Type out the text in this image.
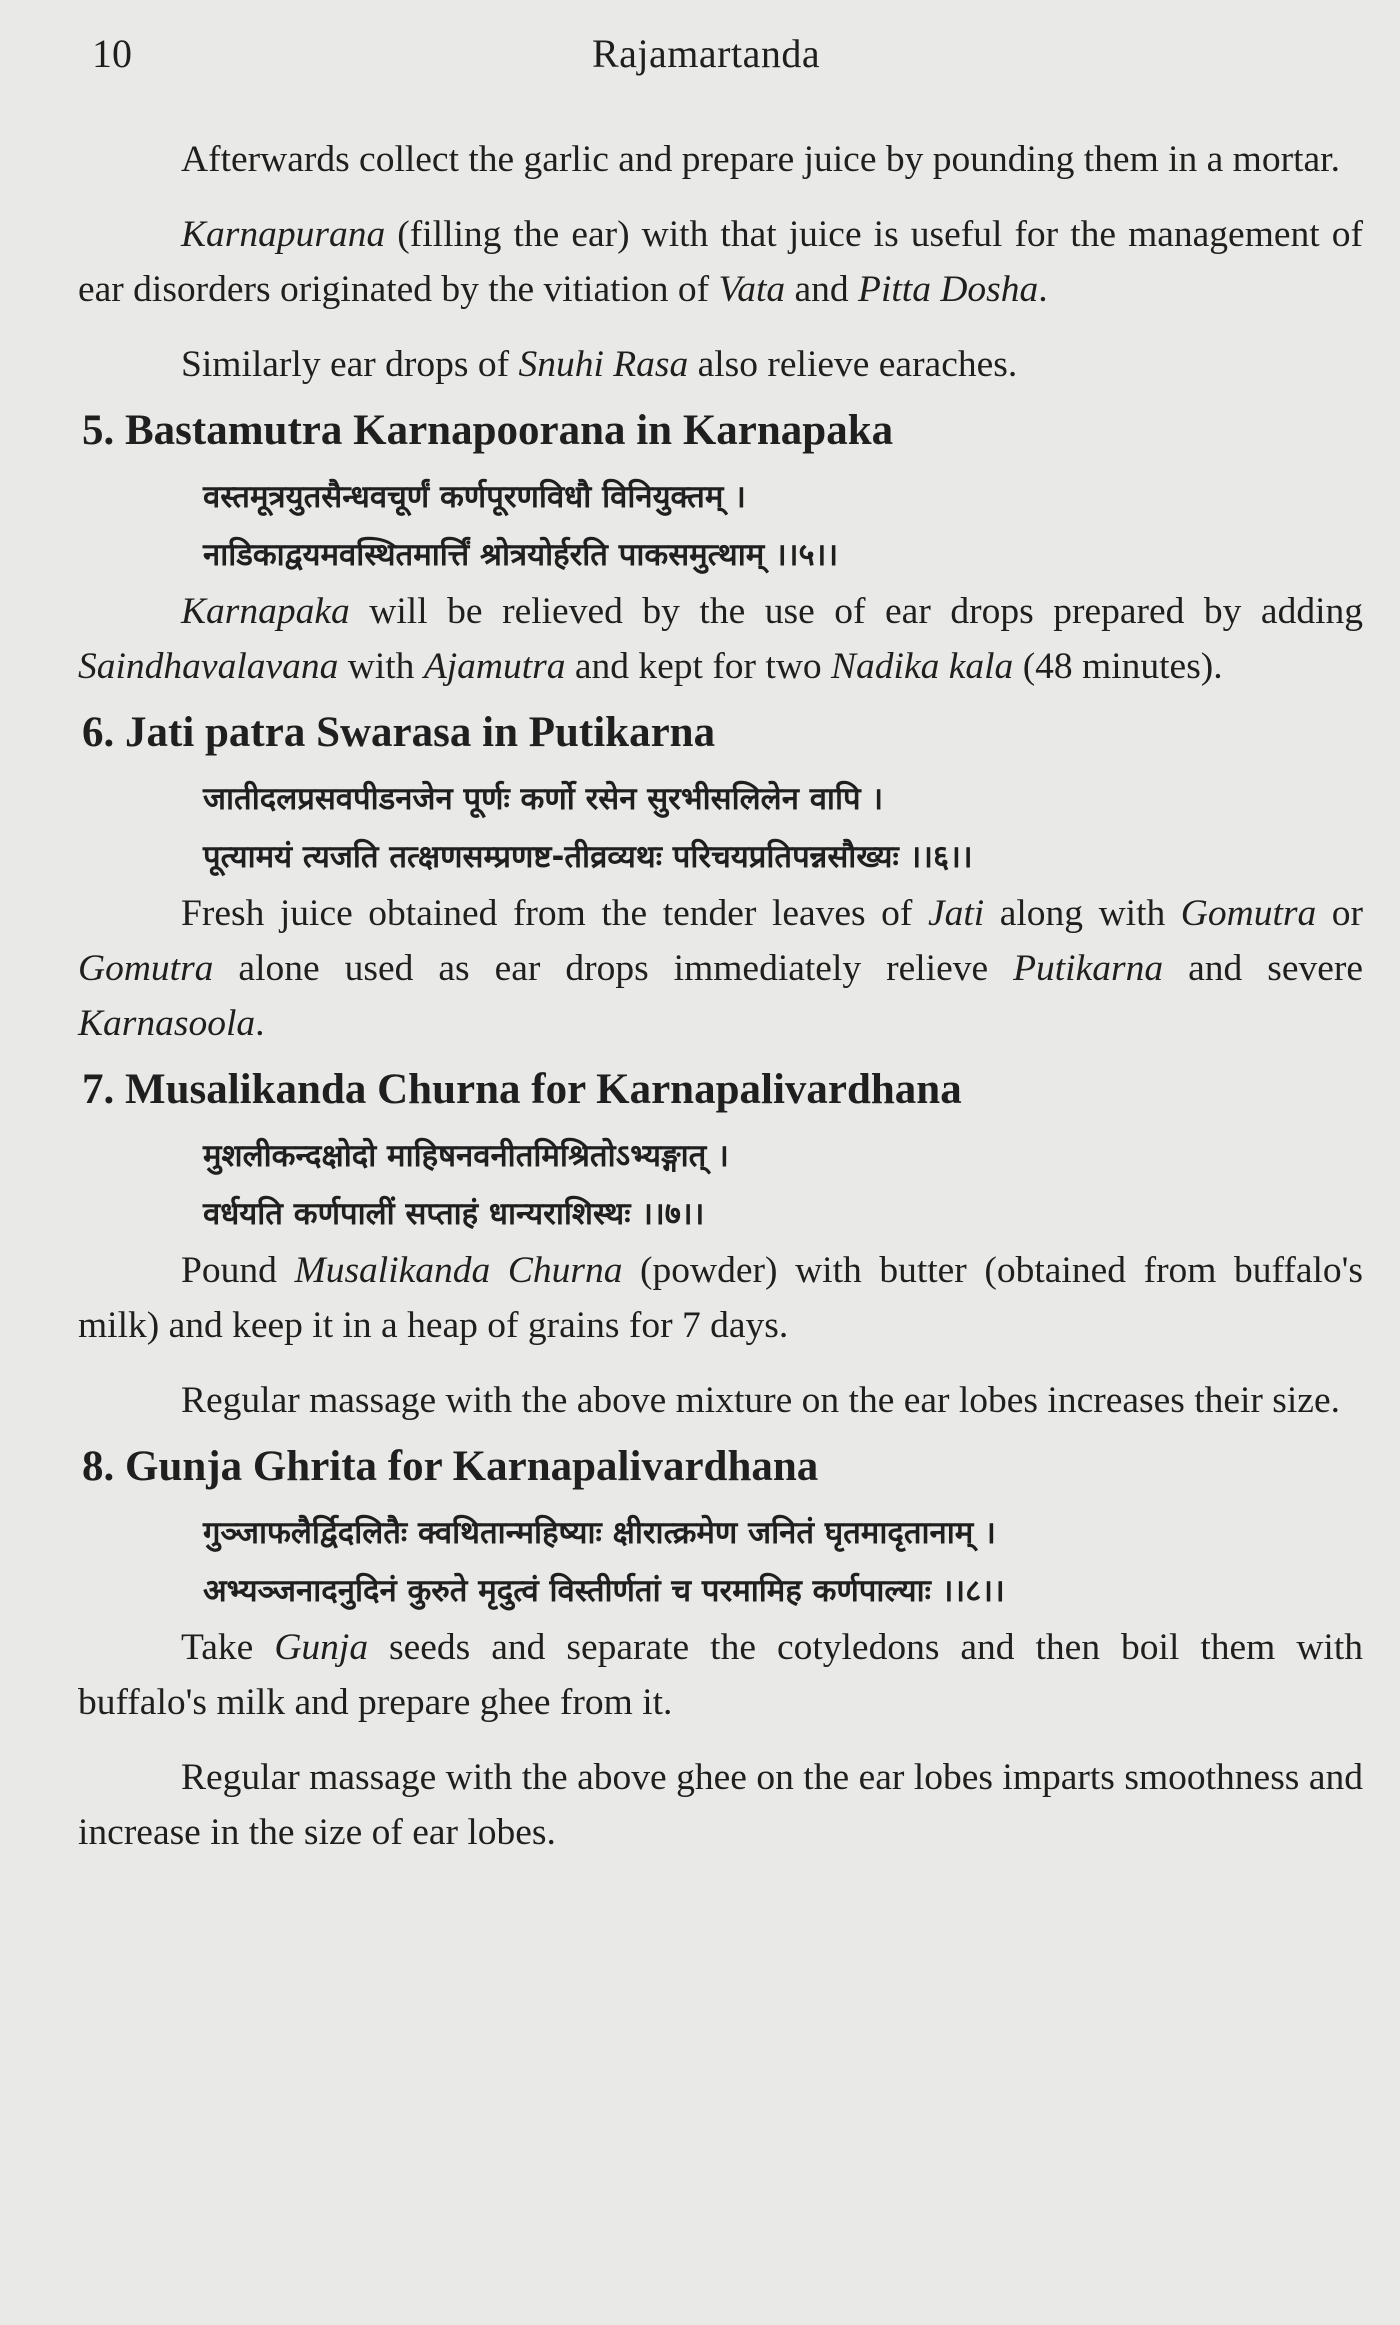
10	Rajamartanda

Afterwards collect the garlic and prepare juice by pounding them in a mortar.

Karnapurana (filling the ear) with that juice is useful for the management of ear disorders originated by the vitiation of Vata and Pitta Dosha.

Similarly ear drops of Snuhi Rasa also relieve earaches.

5. Bastamutra Karnapoorana in Karnapaka
वस्तमूत्रयुतसैन्धवचूर्णं कर्णपूरणविधौ विनियुक्तम् ।
नाडिकाद्वयमवस्थितमार्त्तिं श्रोत्रयोर्हरति पाकसमुत्थाम् ।।५।।

Karnapaka will be relieved by the use of ear drops prepared by adding Saindhavalavana with Ajamutra and kept for two Nadika kala (48 minutes).

6. Jati patra Swarasa in Putikarna
जातीदलप्रसवपीडनजेन पूर्णः कर्णो रसेन सुरभीसलिलेन वापि ।
पूत्यामयं त्यजति तत्क्षणसम्प्रणष्ट-तीव्रव्यथः परिचयप्रतिपन्नसौख्यः ।।६।।

Fresh juice obtained from the tender leaves of Jati along with Gomutra or Gomutra alone used as ear drops immediately relieve Putikarna and severe Karnasoola.

7. Musalikanda Churna for Karnapalivardhana
मुशलीकन्दक्षोदो माहिषनवनीतमिश्रितोऽभ्यङ्गात् ।
वर्धयति कर्णपालीं सप्ताहं धान्यराशिस्थः ।।७।।

Pound Musalikanda Churna (powder) with butter (obtained from buffalo's milk) and keep it in a heap of grains for 7 days.

Regular massage with the above mixture on the ear lobes increases their size.

8. Gunja Ghrita for Karnapalivardhana
गुञ्जाफलैर्द्विदलितैः क्वथितान्महिष्याः क्षीरात्क्रमेण जनितं घृतमादृतानाम् ।
अभ्यञ्जनादनुदिनं कुरुते मृदुत्वं विस्तीर्णतां च परमामिह कर्णपाल्याः ।।८।।

Take Gunja seeds and separate the cotyledons and then boil them with buffalo's milk and prepare ghee from it.

Regular massage with the above ghee on the ear lobes imparts smoothness and increase in the size of ear lobes.
